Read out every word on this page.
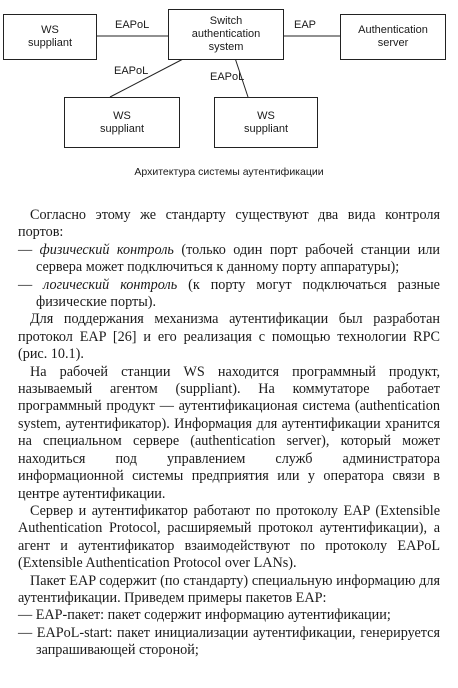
WS
suppliant
Switch
authentication
system
Authentication
server
WS
suppliant
WS
suppliant
EAPoL	EAP
EAPoL	EAPoL
Архитектура системы аутентификации

Согласно этому же стандарту существуют два вида контроля портов:

— физический контроль (только один порт рабочей станции или сервера может подключиться к данному порту аппаратуры);

— логический контроль (к порту могут подключаться разные физические порты).

Для поддержания механизма аутентификации был разработан протокол EAP [26] и его реализация с помощью технологии RPC (рис. 10.1).

На рабочей станции WS находится программный продукт, называемый агентом (suppliant). На коммутаторе работает программный продукт — аутентификационая система (authentication system, аутентификатор). Информация для аутентификации хранится на специальном сервере (authentication server), который может находиться под управлением служб администратора информационной системы предприятия или у оператора связи в центре аутентификации.

Сервер и аутентификатор работают по протоколу EAP (Extensible Authentication Protocol, расширяемый протокол аутентификации), а агент и аутентификатор взаимодействуют по протоколу EAPoL (Extensible Authentication Protocol over LANs).

Пакет EAP содержит (по стандарту) специальную информацию для аутентификации. Приведем примеры пакетов EAP:

— EAP-пакет: пакет содержит информацию аутентификации;

— EAPoL-start: пакет инициализации аутентификации, генерируется запрашивающей стороной;
